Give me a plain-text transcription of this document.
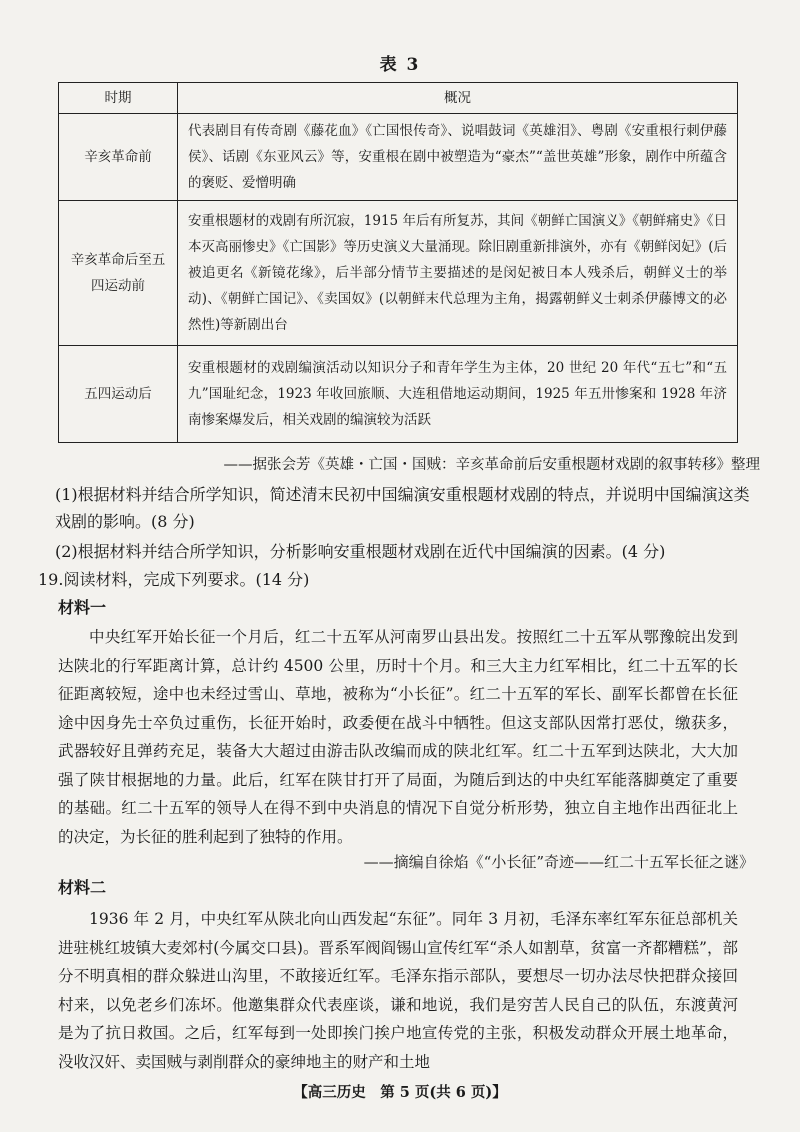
表 3
时期	概况
辛亥革命前	代表剧目有传奇剧《藤花血》《亡国恨传奇》、说唱鼓词《英雄泪》、粤剧《安重根行刺伊藤侯》、话剧《东亚风云》等，安重根在剧中被塑造为“豪杰”“盖世英雄”形象，剧作中所蕴含的褒贬、爱憎明确
辛亥革命后至五四运动前	安重根题材的戏剧有所沉寂，1915 年后有所复苏，其间《朝鲜亡国演义》《朝鲜痛史》《日本灭高丽惨史》《亡国影》等历史演义大量涌现。除旧剧重新排演外，亦有《朝鲜闵妃》(后被追更名《新镜花缘》，后半部分情节主要描述的是闵妃被日本人残杀后，朝鲜义士的举动)、《朝鲜亡国记》、《卖国奴》(以朝鲜末代总理为主角，揭露朝鲜义士刺杀伊藤博文的必然性)等新剧出台
五四运动后	安重根题材的戏剧编演活动以知识分子和青年学生为主体，20 世纪 20 年代“五七”和“五九”国耻纪念，1923 年收回旅顺、大连租借地运动期间，1925 年五卅惨案和 1928 年济南惨案爆发后，相关戏剧的编演较为活跃
——据张会芳《英雄・亡国・国贼：辛亥革命前后安重根题材戏剧的叙事转移》整理
(1)根据材料并结合所学知识，简述清末民初中国编演安重根题材戏剧的特点，并说明中国编演这类戏剧的影响。(8 分)
(2)根据材料并结合所学知识，分析影响安重根题材戏剧在近代中国编演的因素。(4 分)
19.阅读材料，完成下列要求。(14 分)
材料一

中央红军开始长征一个月后，红二十五军从河南罗山县出发。按照红二十五军从鄂豫皖出发到达陕北的行军距离计算，总计约 4500 公里，历时十个月。和三大主力红军相比，红二十五军的长征距离较短，途中也未经过雪山、草地，被称为“小长征”。红二十五军的军长、副军长都曾在长征途中因身先士卒负过重伤，长征开始时，政委便在战斗中牺牲。但这支部队因常打恶仗，缴获多，武器较好且弹药充足，装备大大超过由游击队改编而成的陕北红军。红二十五军到达陕北，大大加强了陕甘根据地的力量。此后，红军在陕甘打开了局面，为随后到达的中央红军能落脚奠定了重要的基础。红二十五军的领导人在得不到中央消息的情况下自觉分析形势，独立自主地作出西征北上的决定，为长征的胜利起到了独特的作用。

——摘编自徐焰《“小长征”奇迹——红二十五军长征之谜》
材料二

1936 年 2 月，中央红军从陕北向山西发起“东征”。同年 3 月初，毛泽东率红军东征总部机关进驻桃红坡镇大麦郊村(今属交口县)。晋系军阀阎锡山宣传红军“杀人如割草，贫富一齐都糟糕”，部分不明真相的群众躲进山沟里，不敢接近红军。毛泽东指示部队，要想尽一切办法尽快把群众接回村来，以免老乡们冻坏。他邀集群众代表座谈，谦和地说，我们是穷苦人民自己的队伍，东渡黄河是为了抗日救国。之后，红军每到一处即挨门挨户地宣传党的主张，积极发动群众开展土地革命，没收汉奸、卖国贼与剥削群众的豪绅地主的财产和土地

【高三历史　第 5 页(共 6 页)】
